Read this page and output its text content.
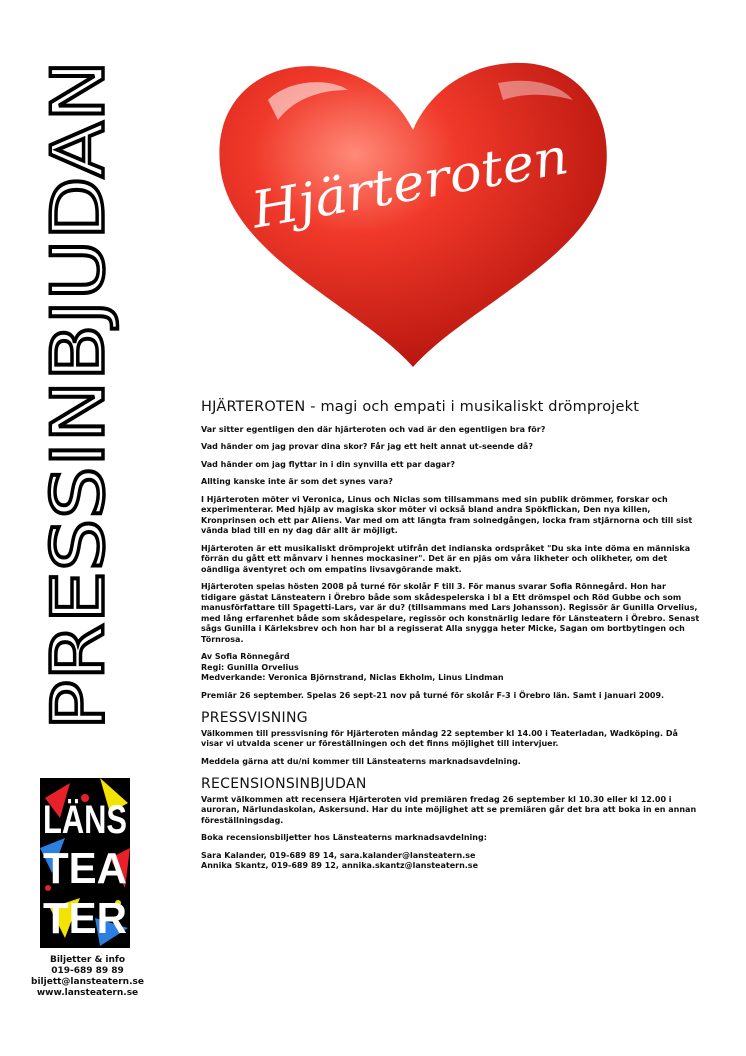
PRESSINBJUDAN
LÄNS
TEA
TER
Biljetter & info
019-689 89 89
biljett@lansteatern.se
www.lansteatern.se
Hjärteroten
HJÄRTEROTEN - magi och empati i musikaliskt drömprojekt

Var sitter egentligen den där hjärteroten och vad är den egentligen bra för?

Vad händer om jag provar dina skor? Får jag ett helt annat ut-seende då?

Vad händer om jag flyttar in i din synvilla ett par dagar?

Allting kanske inte är som det synes vara?

I Hjärteroten möter vi Veronica, Linus och Niclas som tillsammans med sin publik drömmer, forskar och experimenterar. Med hjälp av magiska skor möter vi också bland andra Spökflickan, Den nya killen, Kronprinsen och ett par Aliens. Var med om att längta fram solnedgången, locka fram stjärnorna och till sist vända blad till en ny dag där allt är möjligt.

Hjärteroten är ett musikaliskt drömprojekt utifrån det indianska ordspråket "Du ska inte döma en människa förrän du gått ett månvarv i hennes mockasiner". Det är en pjäs om våra likheter och olikheter, om det oändliga äventyret och om empatins livsavgörande makt.

Hjärteroten spelas hösten 2008 på turné för skolår F till 3. För manus svarar Sofia Rönnegård. Hon har tidigare gästat Länsteatern i Örebro både som skådespelerska i bl a Ett drömspel och Röd Gubbe och som manusförfattare till Spagetti-Lars, var är du? (tillsammans med Lars Johansson). Regissör är Gunilla Orvelius, med lång erfarenhet både som skådespelare, regissör och konstnärlig ledare för Länsteatern i Örebro. Senast sågs Gunilla i Kärleksbrev och hon har bl a regisserat Alla snygga heter Micke, Sagan om bortbytingen och Törnrosa.

Av Sofia Rönnegård

Regi: Gunilla Orvelius

Medverkande: Veronica Björnstrand, Niclas Ekholm, Linus Lindman

Premiär 26 september. Spelas 26 sept-21 nov på turné för skolår F-3 i Örebro län. Samt i januari 2009.

PRESSVISNING

Välkommen till pressvisning för Hjärteroten måndag 22 september kl 14.00 i Teaterladan, Wadköping. Då visar vi utvalda scener ur föreställningen och det finns möjlighet till intervjuer.

Meddela gärna att du/ni kommer till Länsteaterns marknadsavdelning.

RECENSIONSINBJUDAN

Varmt välkommen att recensera Hjärteroten vid premiären fredag 26 september kl 10.30 eller kl 12.00 i auroran, Närlundaskolan, Askersund. Har du inte möjlighet att se premiären går det bra att boka in en annan föreställningsdag.

Boka recensionsbiljetter hos Länsteaterns marknadsavdelning:

Sara Kalander, 019-689 89 14, sara.kalander@lansteatern.se

Annika Skantz, 019-689 89 12, annika.skantz@lansteatern.se
